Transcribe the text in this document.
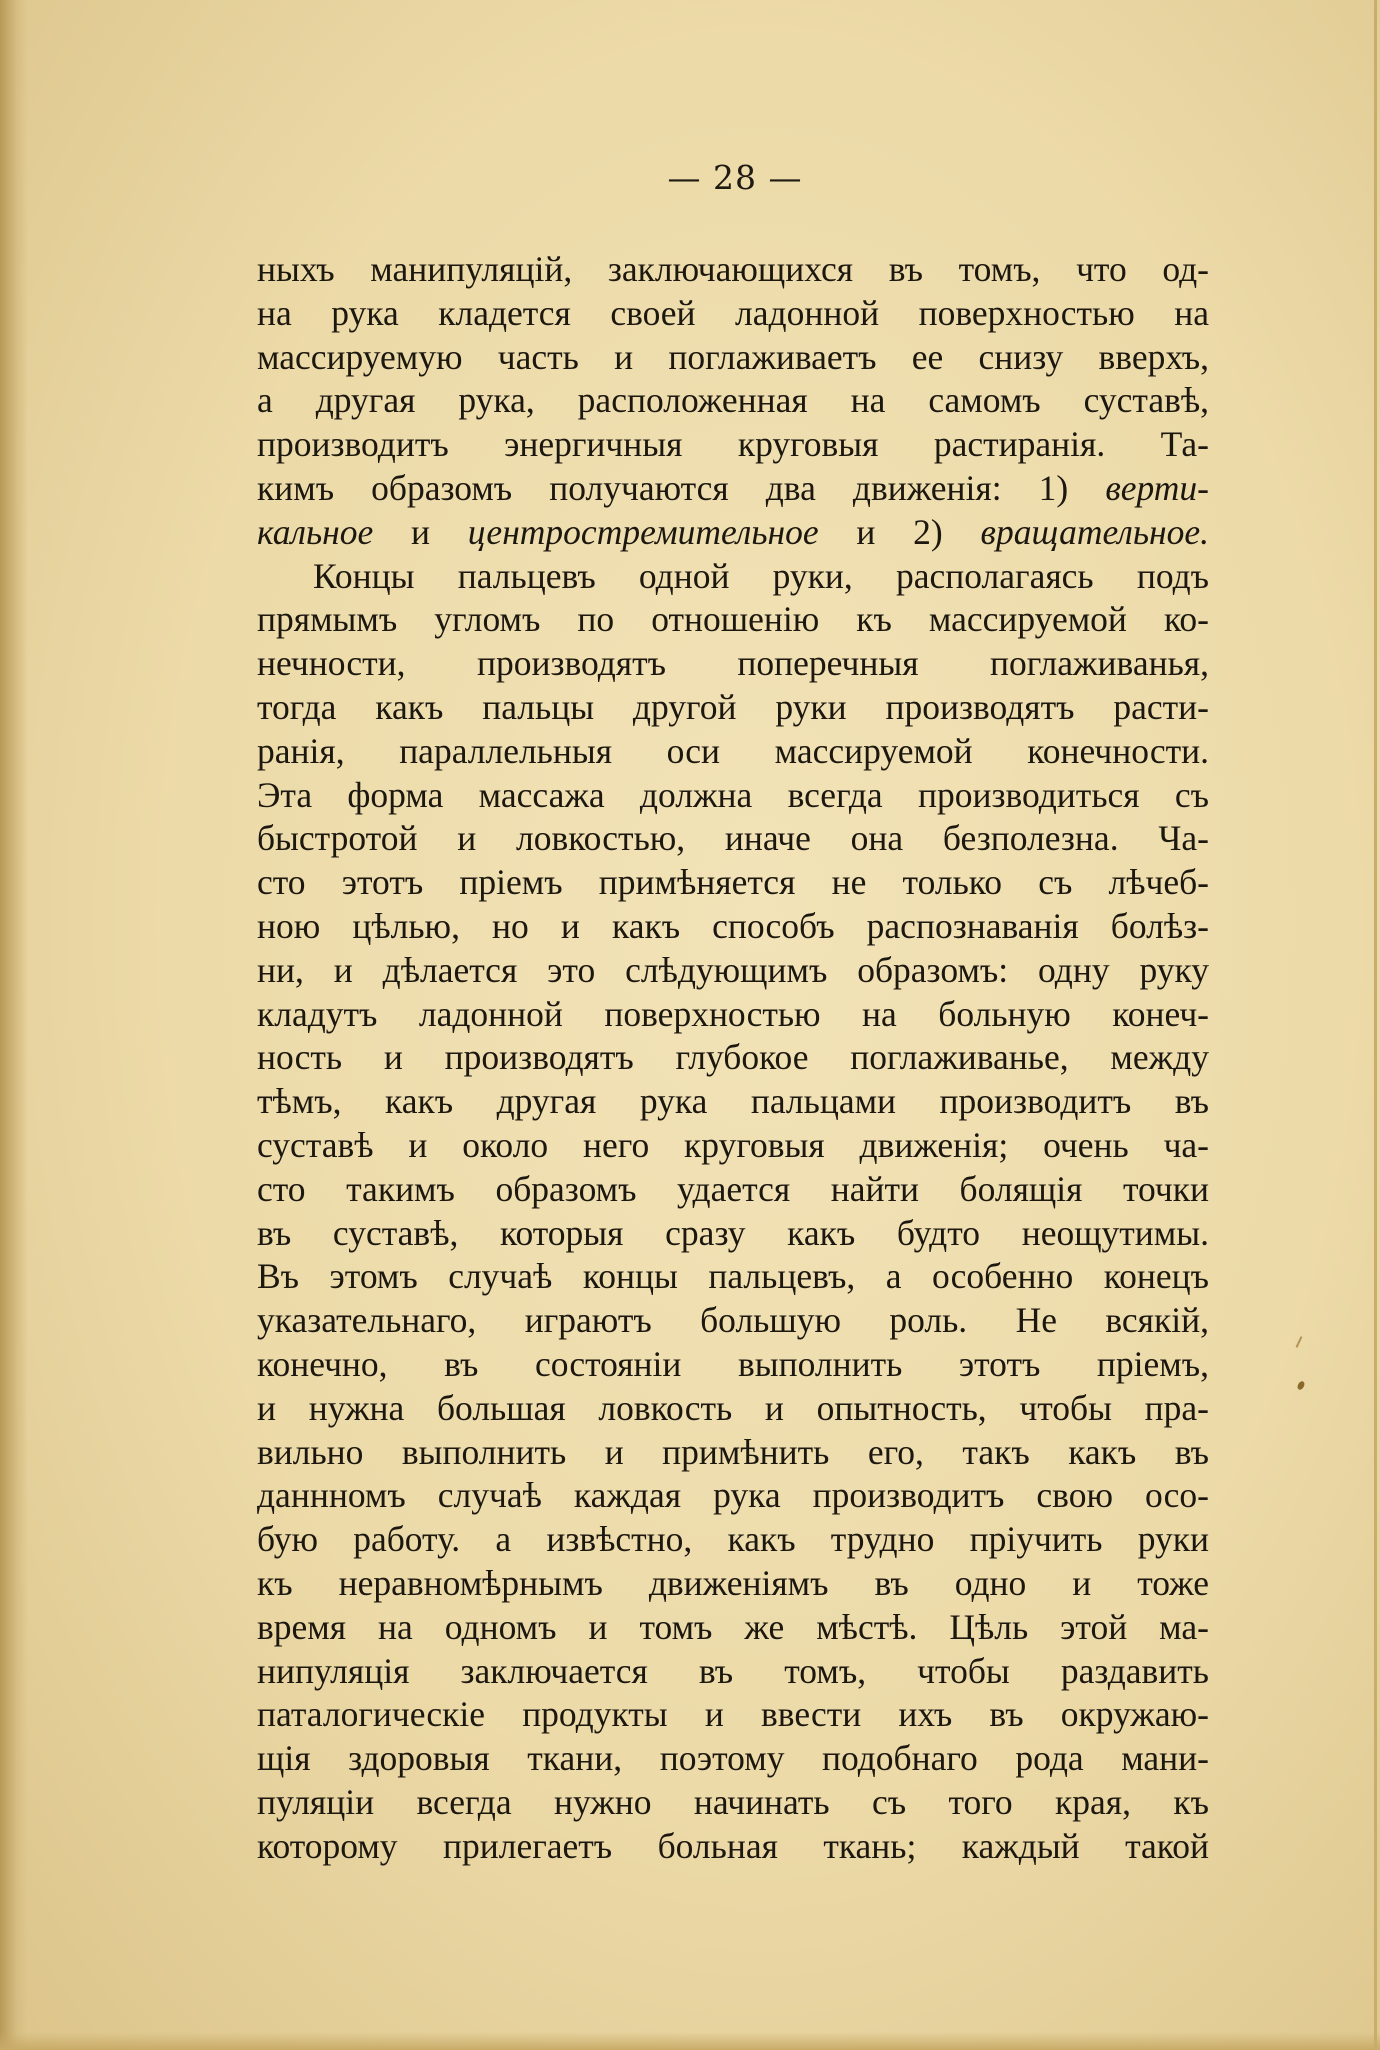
— 28 —
ныхъ манипуляцій, заключающихся въ томъ, что од-
на рука кладется своей ладонной поверхностью на
массируемую часть и поглаживаетъ ее снизу вверхъ,
а другая рука, расположенная на самомъ суставѣ,
производитъ энергичныя круговыя растиранія. Та-
кимъ образомъ получаются два движенія: 1) верти-
кальное и центростремительное и 2) вращательное.
Концы пальцевъ одной руки, располагаясь подъ
прямымъ угломъ по отношенію къ массируемой ко-
нечности, производятъ поперечныя поглаживанья,
тогда какъ пальцы другой руки производятъ расти-
ранія, параллельныя оси массируемой конечности.
Эта форма массажа должна всегда производиться съ
быстротой и ловкостью, иначе она безполезна. Ча-
сто этотъ пріемъ примѣняется не только съ лѣчеб-
ною цѣлью, но и какъ способъ распознаванія болѣз-
ни, и дѣлается это слѣдующимъ образомъ: одну руку
кладутъ ладонной поверхностью на больную конеч-
ность и производятъ глубокое поглаживанье, между
тѣмъ, какъ другая рука пальцами производитъ въ
суставѣ и около него круговыя движенія; очень ча-
сто такимъ образомъ удается найти болящія точки
въ суставѣ, которыя сразу какъ будто неощутимы.
Въ этомъ случаѣ концы пальцевъ, а особенно конецъ
указательнаго, играютъ большую роль. Не всякій,
конечно, въ состояніи выполнить этотъ пріемъ,
и нужна большая ловкость и опытность, чтобы пра-
вильно выполнить и примѣнить его, такъ какъ въ
даннномъ случаѣ каждая рука производитъ свою осо-
бую работу. а извѣстно, какъ трудно пріучить руки
къ неравномѣрнымъ движеніямъ въ одно и тоже
время на одномъ и томъ же мѣстѣ. Цѣль этой ма-
нипуляція заключается въ томъ, чтобы раздавить
паталогическіе продукты и ввести ихъ въ окружаю-
щія здоровыя ткани, поэтому подобнаго рода мани-
пуляціи всегда нужно начинать съ того края, къ
которому прилегаетъ больная ткань; каждый такой
